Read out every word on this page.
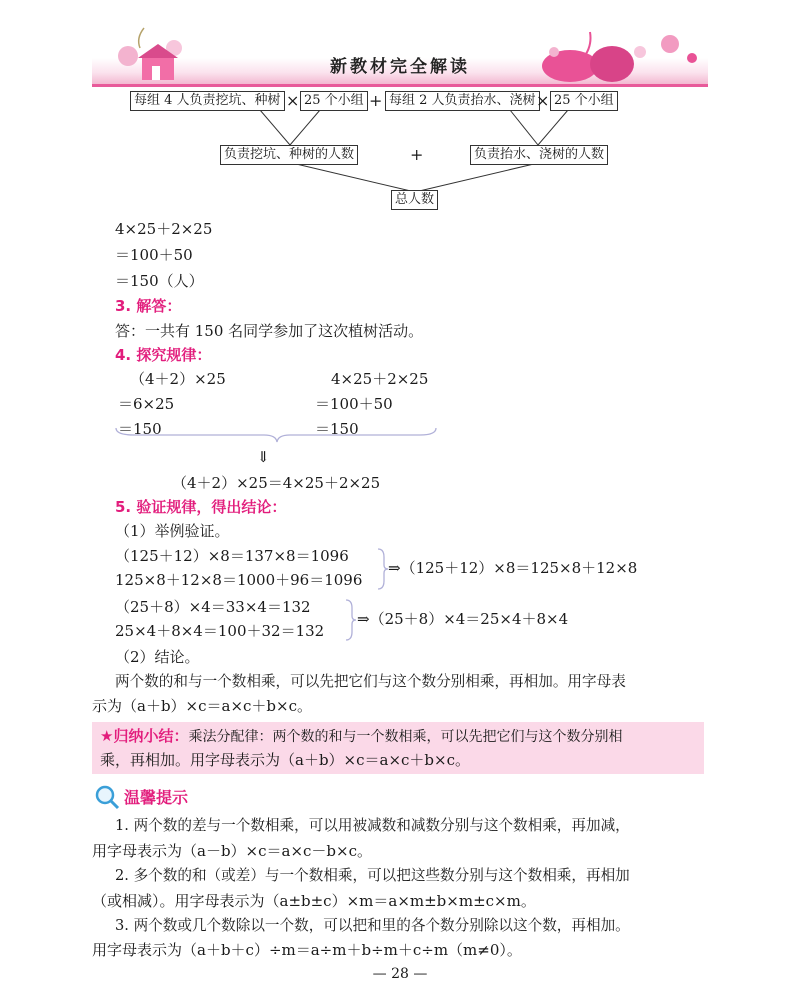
新教材完全解读
每组 4 人负责挖坑、种树 × 25 个小组 + 每组 2 人负责抬水、浇树 × 25 个小组
负责挖坑、种树的人数	+	负责抬水、浇树的人数
总人数
4×25＋2×25
＝100＋50
＝150（人）
3. 解答：
答：一共有 150 名同学参加了这次植树活动。
4. 探究规律：
（4＋2）×25
＝6×25
＝150
4×25＋2×25
＝100＋50
＝150
⇓
（4＋2）×25＝4×25＋2×25
5. 验证规律，得出结论：
（1）举例验证。
（125＋12）×8＝137×8＝1096
125×8＋12×8＝1000＋96＝1096
⇒（125＋12）×8＝125×8＋12×8
（25＋8）×4＝33×4＝132
25×4＋8×4＝100＋32＝132
⇒（25＋8）×4＝25×4＋8×4
（2）结论。
两个数的和与一个数相乘，可以先把它们与这个数分别相乘，再相加。用字母表
示为（a＋b）×c＝a×c＋b×c。
★归纳小结：乘法分配律：两个数的和与一个数相乘，可以先把它们与这个数分别相
乘，再相加。用字母表示为（a＋b）×c＝a×c＋b×c。
温馨提示
1. 两个数的差与一个数相乘，可以用被减数和减数分别与这个数相乘，再加减，
用字母表示为（a－b）×c＝a×c－b×c。
2. 多个数的和（或差）与一个数相乘，可以把这些数分别与这个数相乘，再相加
（或相减）。用字母表示为（a±b±c）×m＝a×m±b×m±c×m。
3. 两个数或几个数除以一个数，可以把和里的各个数分别除以这个数，再相加。
用字母表示为（a＋b＋c）÷m＝a÷m＋b÷m＋c÷m（m≠0）。
— 28 —
